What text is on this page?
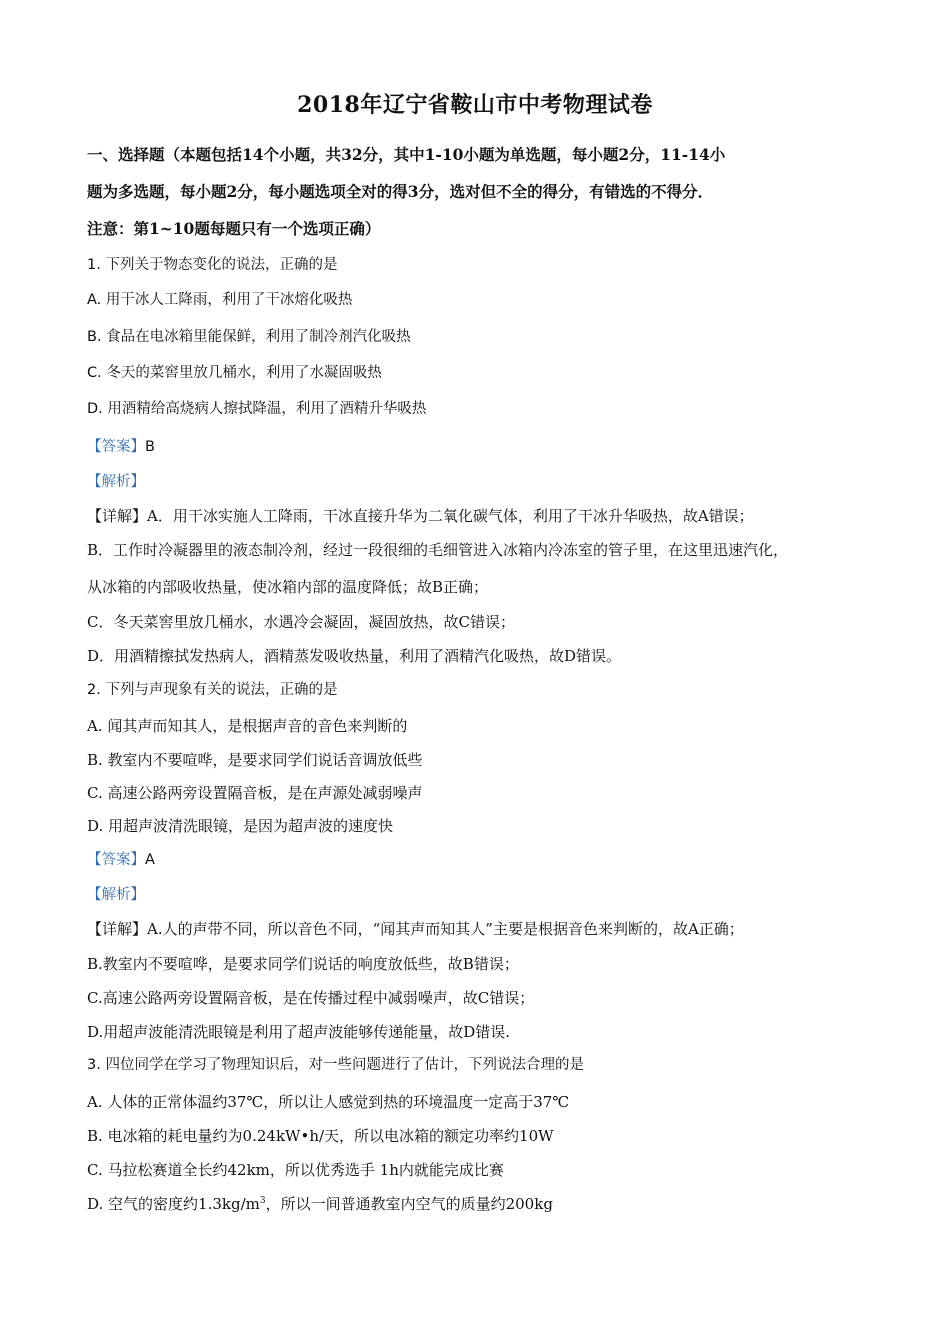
2018年辽宁省鞍山市中考物理试卷
一、选择题（本题包括14个小题，共32分，其中1-10小题为单选题，每小题2分，11-14小
题为多选题，每小题2分，每小题选项全对的得3分，选对但不全的得分，有错选的不得分．
注意：第1~10题每题只有一个选项正确）
1. 下列关于物态变化的说法，正确的是
A. 用干冰人工降雨，利用了干冰熔化吸热
B. 食品在电冰箱里能保鲜，利用了制冷剂汽化吸热
C. 冬天的菜窖里放几桶水，利用了水凝固吸热
D. 用酒精给高烧病人擦拭降温，利用了酒精升华吸热
【答案】B
【解析】
【详解】A．用干冰实施人工降雨，干冰直接升华为二氧化碳气体，利用了干冰升华吸热，故A错误；
B．工作时冷凝器里的液态制冷剂，经过一段很细的毛细管进入冰箱内冷冻室的管子里，在这里迅速汽化，
从冰箱的内部吸收热量，使冰箱内部的温度降低；故B正确；
C．冬天菜窖里放几桶水，水遇冷会凝固，凝固放热，故C错误；
D．用酒精擦拭发热病人，酒精蒸发吸收热量，利用了酒精汽化吸热，故D错误。
2. 下列与声现象有关的说法，正确的是
A. 闻其声而知其人，是根据声音的音色来判断的
B. 教室内不要喧哗，是要求同学们说话音调放低些
C. 高速公路两旁设置隔音板，是在声源处减弱噪声
D. 用超声波清洗眼镜，是因为超声波的速度快
【答案】A
【解析】
【详解】A.人的声带不同，所以音色不同，“闻其声而知其人”主要是根据音色来判断的，故A正确；
B.教室内不要喧哗，是要求同学们说话的响度放低些，故B错误；
C.高速公路两旁设置隔音板，是在传播过程中减弱噪声，故C错误；
D.用超声波能清洗眼镜是利用了超声波能够传递能量，故D错误.
3. 四位同学在学习了物理知识后，对一些问题进行了估计，下列说法合理的是
A. 人体的正常体温约37℃，所以让人感觉到热的环境温度一定高于37℃
B. 电冰箱的耗电量约为0.24kW•h/天，所以电冰箱的额定功率约10W
C. 马拉松赛道全长约42km，所以优秀选手 1h内就能完成比赛
D. 空气的密度约$1.3kg/m^3$，所以一间普通教室内空气的质量约200kg
